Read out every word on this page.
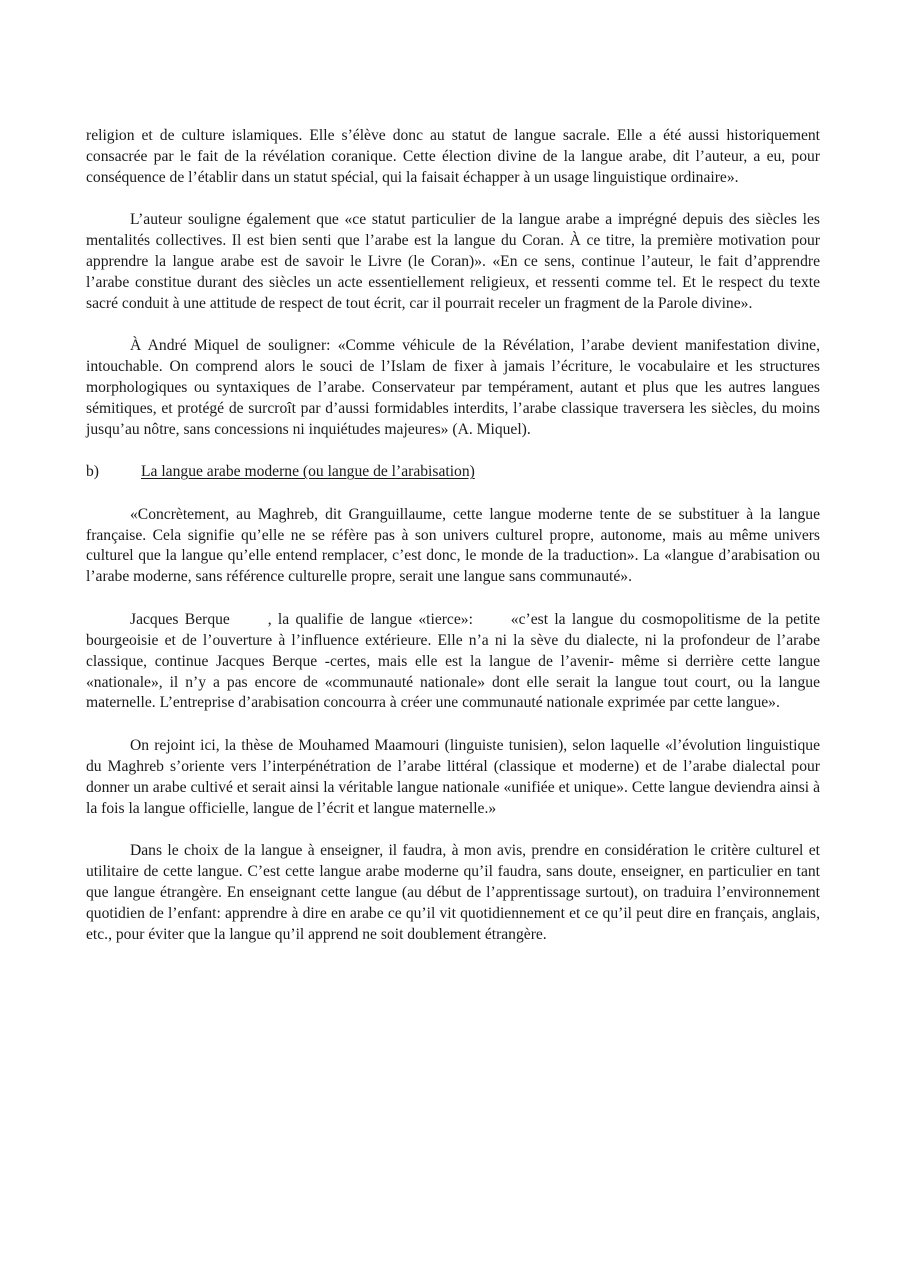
religion et de culture islamiques. Elle s’élève donc au statut de langue sacrale. Elle a été aussi historiquement consacrée par le fait de la révélation coranique. Cette élection divine de la langue arabe, dit l’auteur, a eu, pour conséquence de l’établir dans un statut spécial, qui la faisait échapper à un usage linguistique ordinaire».

L’auteur souligne également que «ce statut particulier de la langue arabe a imprégné depuis des siècles les mentalités collectives. Il est bien senti que l’arabe est la langue du Coran. À ce titre, la première motivation pour apprendre la langue arabe est de savoir le Livre (le Coran)». «En ce sens, continue l’auteur, le fait d’apprendre l’arabe constitue durant des siècles un acte essentiellement religieux, et ressenti comme tel. Et le respect du texte sacré conduit à une attitude de respect de tout écrit, car il pourrait receler un fragment de la Parole divine».

À André Miquel de souligner: «Comme véhicule de la Révélation, l’arabe devient manifestation divine, intouchable. On comprend alors le souci de l’Islam de fixer à jamais l’écriture, le vocabulaire et les structures morphologiques ou syntaxiques de l’arabe. Conservateur par tempérament, autant et plus que les autres langues sémitiques, et protégé de surcroît par d’aussi formidables interdits, l’arabe classique traversera les siècles, du moins jusqu’au nôtre, sans concessions ni inquiétudes majeures» (A. Miquel).

b)	La langue arabe moderne (ou langue de l’arabisation)

«Concrètement, au Maghreb, dit Granguillaume, cette langue moderne tente de se substituer à la langue française. Cela signifie qu’elle ne se réfère pas à son univers culturel propre, autonome, mais au même univers culturel que la langue qu’elle entend remplacer, c’est donc, le monde de la traduction». La «langue d’arabisation ou l’arabe moderne, sans référence culturelle propre, serait une langue sans communauté».

Jacques Berque      , la qualifie de langue «tierce»:      «c’est la langue du cosmopolitisme de la petite bourgeoisie et de l’ouverture à l’influence extérieure. Elle n’a ni la sève du dialecte, ni la profondeur de l’arabe classique, continue Jacques Berque -certes, mais elle est la langue de l’avenir- même si derrière cette langue «nationale», il n’y a pas encore de «communauté nationale» dont elle serait la langue tout court, ou la langue maternelle. L’entreprise d’arabisation concourra à créer une communauté nationale exprimée par cette langue».

On rejoint ici, la thèse de Mouhamed Maamouri (linguiste tunisien), selon laquelle «l’évolution linguistique du Maghreb s’oriente vers l’interpénétration de l’arabe littéral (classique et moderne) et de l’arabe dialectal pour donner un arabe cultivé et serait ainsi la véritable langue nationale «unifiée et unique». Cette langue deviendra ainsi à la fois la langue officielle, langue de l’écrit et langue maternelle.»

Dans le choix de la langue à enseigner, il faudra, à mon avis, prendre en considération le critère culturel et utilitaire de cette langue. C’est cette langue arabe moderne qu’il faudra, sans doute, enseigner, en particulier en tant que langue étrangère. En enseignant cette langue (au début de l’apprentissage surtout), on traduira l’environnement quotidien de l’enfant: apprendre à dire en arabe ce qu’il vit quotidiennement et ce qu’il peut dire en français, anglais, etc., pour éviter que la langue qu’il apprend ne soit doublement étrangère.
